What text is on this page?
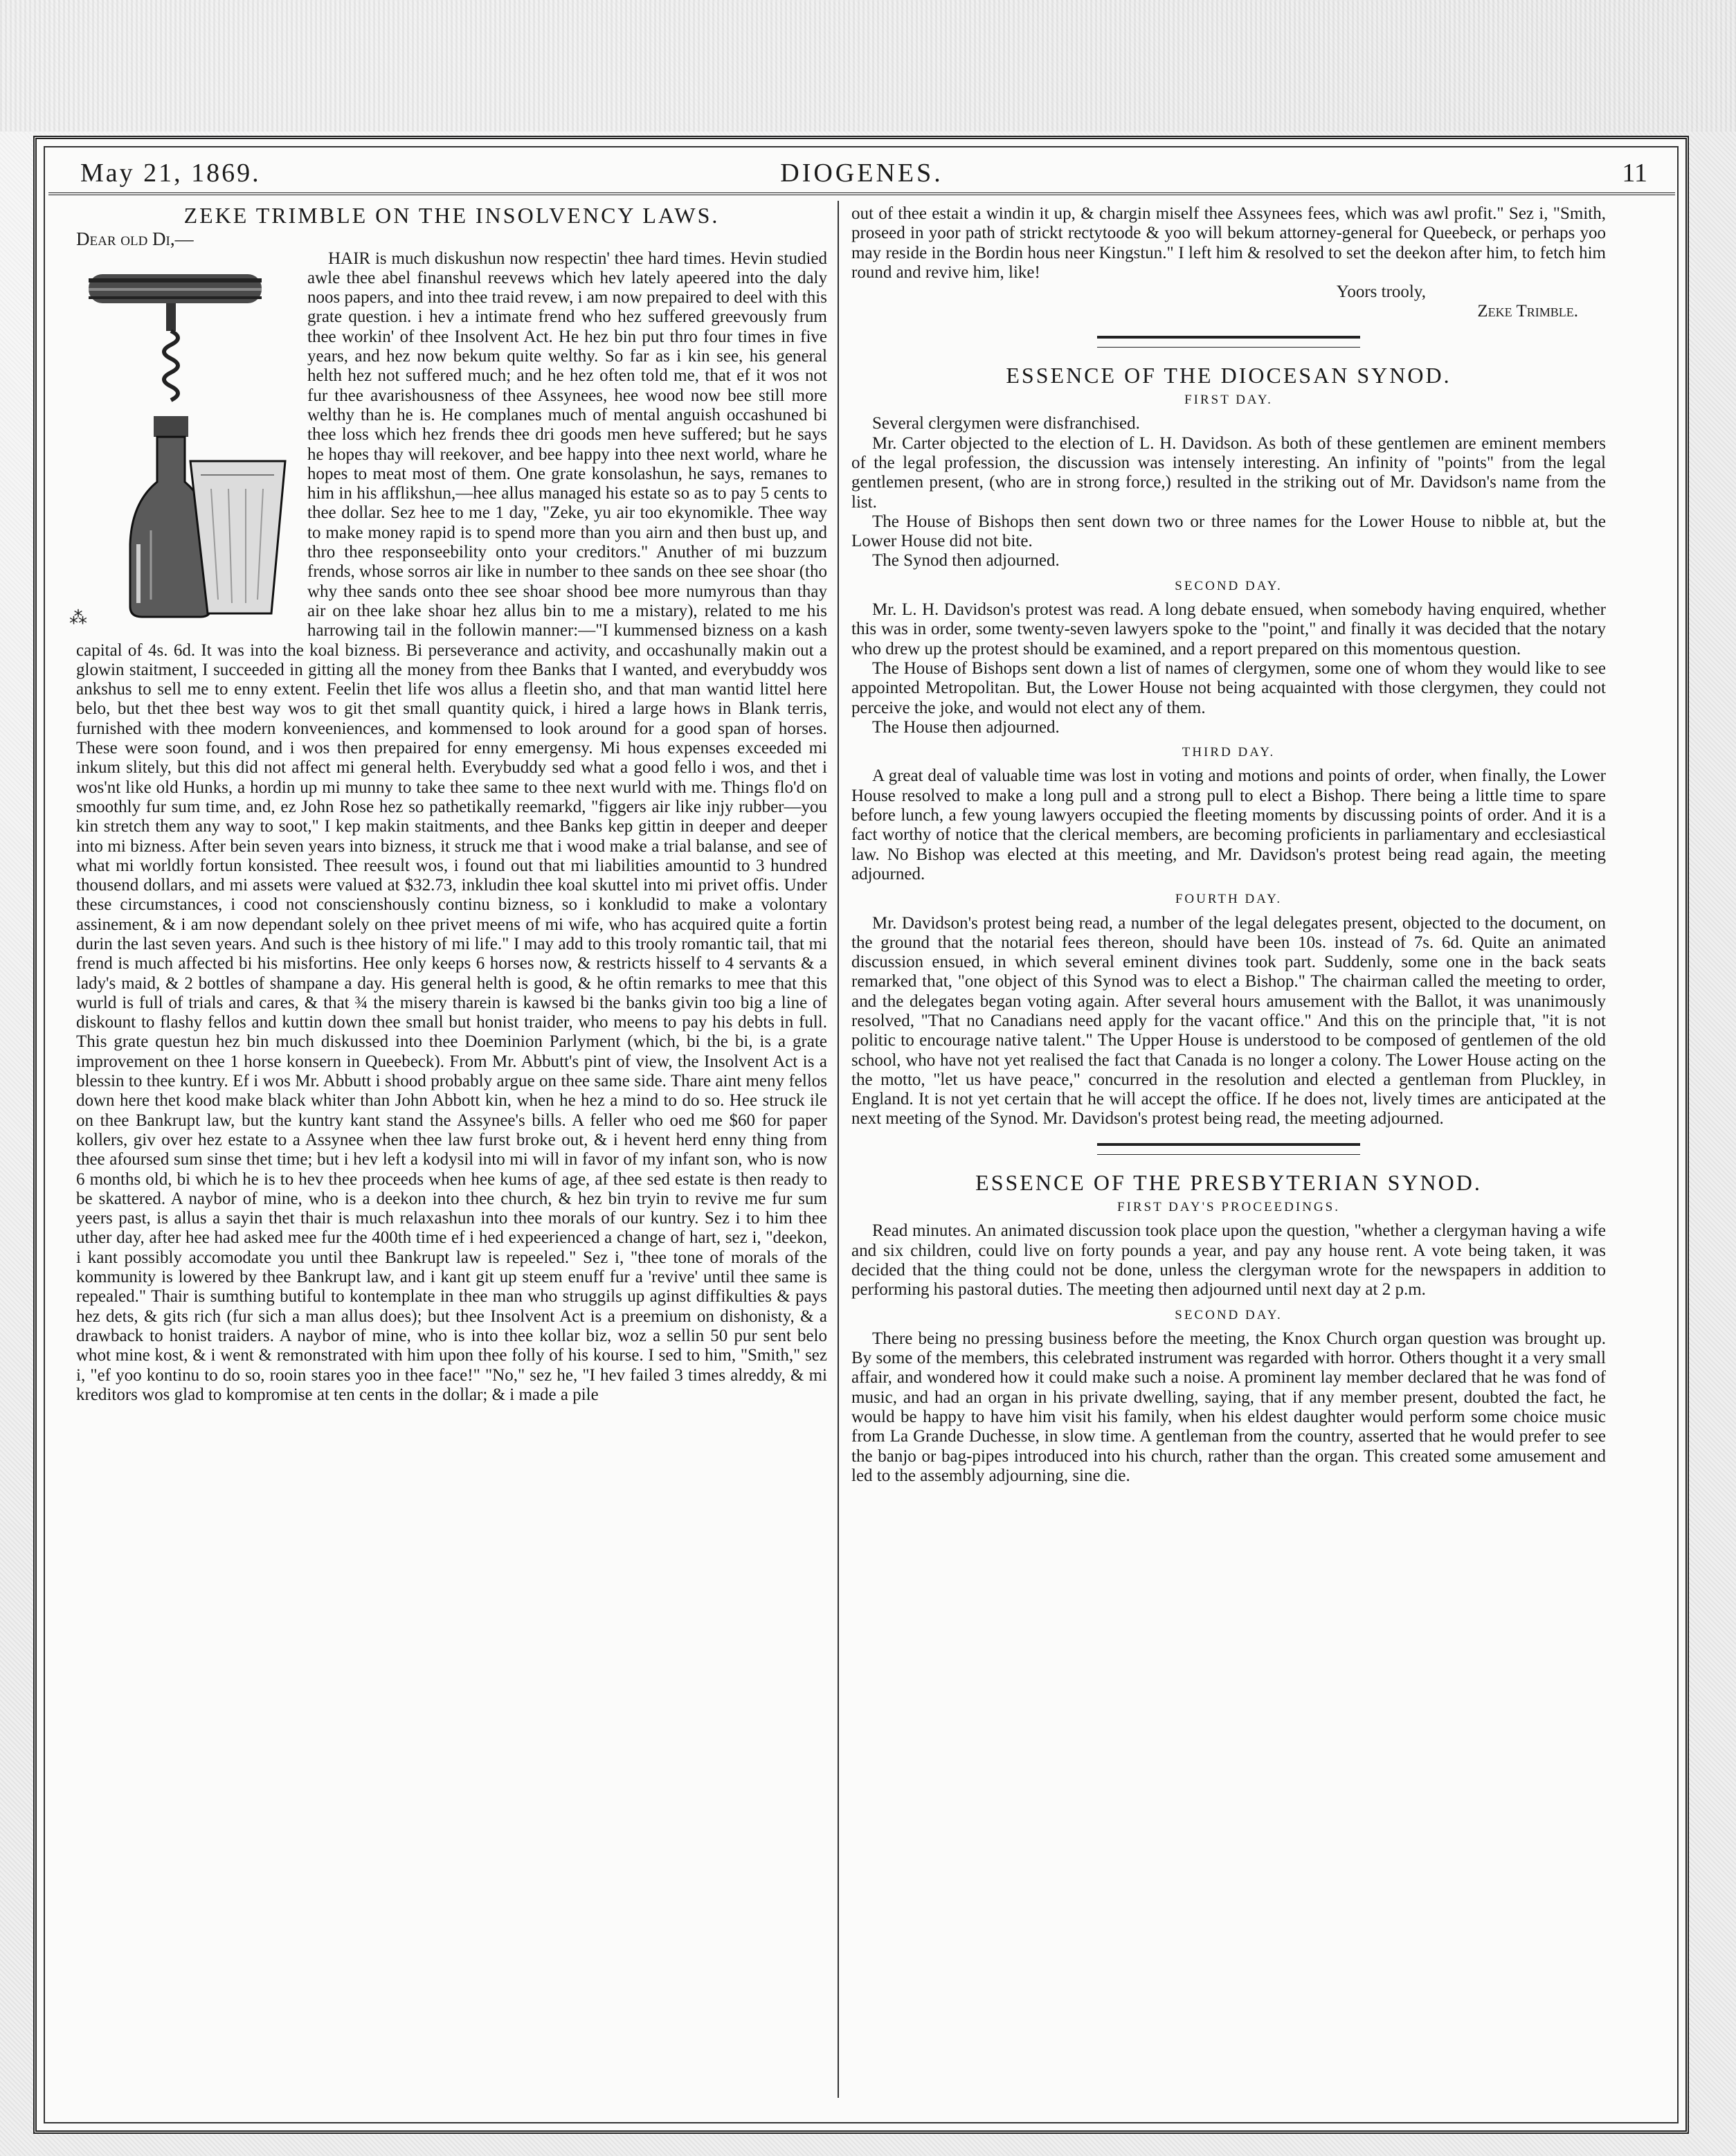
May 21, 1869.	DIOGENES.	11
ZEKE TRIMBLE ON THE INSOLVENCY LAWS.

Dear old Di,—

⁂

HAIR is much diskushun now respectin' thee hard times. Hevin studied awle thee abel finanshul reevews which hev lately apeered into the daly noos papers, and into thee traid revew, i am now prepaired to deel with this grate question. i hev a intimate frend who hez suffered greevously frum thee workin' of thee Insolvent Act. He hez bin put thro four times in five years, and hez now bekum quite welthy. So far as i kin see, his general helth hez not suffered much; and he hez often told me, that ef it wos not fur thee avarishousness of thee Assynees, hee wood now bee still more welthy than he is. He complanes much of mental anguish occashuned bi thee loss which hez frends thee dri goods men heve suffered; but he says he hopes thay will reekover, and bee happy into thee next world, whare he hopes to meat most of them. One grate konsolashun, he says, remanes to him in his afflikshun,—hee allus managed his estate so as to pay 5 cents to thee dollar. Sez hee to me 1 day, "Zeke, yu air too ekynomikle. Thee way to make money rapid is to spend more than you airn and then bust up, and thro thee responseebility onto your creditors." Anuther of mi buzzum frends, whose sorros air like in number to thee sands on thee see shoar (tho why thee sands onto thee see shoar shood bee more numyrous than thay air on thee lake shoar hez allus bin to me a mistary), related to me his harrowing tail in the followin manner:—"I kummensed bizness on a kash capital of 4s. 6d. It was into the koal bizness. Bi perseverance and activity, and occashunally makin out a glowin staitment, I succeeded in gitting all the money from thee Banks that I wanted, and everybuddy wos ankshus to sell me to enny extent. Feelin thet life wos allus a fleetin sho, and that man wantid littel here belo, but thet thee best way wos to git thet small quantity quick, i hired a large hows in Blank terris, furnished with thee modern konveeniences, and kommensed to look around for a good span of horses. These were soon found, and i wos then prepaired for enny emergensy. Mi hous expenses exceeded mi inkum slitely, but this did not affect mi general helth. Everybuddy sed what a good fello i wos, and thet i wos'nt like old Hunks, a hordin up mi munny to take thee same to thee next wurld with me. Things flo'd on smoothly fur sum time, and, ez John Rose hez so pathetikally reemarkd, "figgers air like injy rubber—you kin stretch them any way to soot," I kep makin staitments, and thee Banks kep gittin in deeper and deeper into mi bizness. After bein seven years into bizness, it struck me that i wood make a trial balanse, and see of what mi worldly fortun konsisted. Thee reesult wos, i found out that mi liabilities amountid to 3 hundred thousend dollars, and mi assets were valued at $32.73, inkludin thee koal skuttel into mi privet offis. Under these circumstances, i cood not conscienshously continu bizness, so i konkludid to make a volontary assinement, & i am now dependant solely on thee privet meens of mi wife, who has acquired quite a fortin durin the last seven years. And such is thee history of mi life." I may add to this trooly romantic tail, that mi frend is much affected bi his misfortins. Hee only keeps 6 horses now, & restricts hisself to 4 servants & a lady's maid, & 2 bottles of shampane a day. His general helth is good, & he oftin remarks to mee that this wurld is full of trials and cares, & that ¾ the misery tharein is kawsed bi the banks givin too big a line of diskount to flashy fellos and kuttin down thee small but honist traider, who meens to pay his debts in full. This grate questun hez bin much diskussed into thee Doeminion Parlyment (which, bi the bi, is a grate improvement on thee 1 horse konsern in Queebeck). From Mr. Abbutt's pint of view, the Insolvent Act is a blessin to thee kuntry. Ef i wos Mr. Abbutt i shood probably argue on thee same side. Thare aint meny fellos down here thet kood make black whiter than John Abbott kin, when he hez a mind to do so. Hee struck ile on thee Bankrupt law, but the kuntry kant stand the Assynee's bills. A feller who oed me $60 for paper kollers, giv over hez estate to a Assynee when thee law furst broke out, & i hevent herd enny thing from thee afoursed sum sinse thet time; but i hev left a kodysil into mi will in favor of my infant son, who is now 6 months old, bi which he is to hev thee proceeds when hee kums of age, af thee sed estate is then ready to be skattered. A naybor of mine, who is a deekon into thee church, & hez bin tryin to revive me fur sum yeers past, is allus a sayin thet thair is much relaxashun into thee morals of our kuntry. Sez i to him thee uther day, after hee had asked mee fur the 400th time ef i hed expeerienced a change of hart, sez i, "deekon, i kant possibly accomodate you until thee Bankrupt law is repeeled." Sez i, "thee tone of morals of the kommunity is lowered by thee Bankrupt law, and i kant git up steem enuff fur a 'revive' until thee same is repealed." Thair is sumthing butiful to kontemplate in thee man who struggils up aginst diffikulties & pays hez dets, & gits rich (fur sich a man allus does); but thee Insolvent Act is a preemium on dishonisty, & a drawback to honist traiders. A naybor of mine, who is into thee kollar biz, woz a sellin 50 pur sent belo whot mine kost, & i went & remonstrated with him upon thee folly of his kourse. I sed to him, "Smith," sez i, "ef yoo kontinu to do so, rooin stares yoo in thee face!" "No," sez he, "I hev failed 3 times alreddy, & mi kreditors wos glad to kompromise at ten cents in the dollar; & i made a pile

out of thee estait a windin it up, & chargin miself thee Assynees fees, which was awl profit." Sez i, "Smith, proseed in yoor path of strickt rectytoode & yoo will bekum attorney-general for Queebeck, or perhaps yoo may reside in the Bordin hous neer Kingstun." I left him & resolved to set the deekon after him, to fetch him round and revive him, like!

Yoors trooly,

Zeke Trimble.

ESSENCE OF THE DIOCESAN SYNOD.
FIRST DAY.

Several clergymen were disfranchised.

Mr. Carter objected to the election of L. H. Davidson. As both of these gentlemen are eminent members of the legal profession, the discussion was intensely interesting. An infinity of "points" from the legal gentlemen present, (who are in strong force,) resulted in the striking out of Mr. Davidson's name from the list.

The House of Bishops then sent down two or three names for the Lower House to nibble at, but the Lower House did not bite.

The Synod then adjourned.

SECOND DAY.

Mr. L. H. Davidson's protest was read. A long debate ensued, when somebody having enquired, whether this was in order, some twenty-seven lawyers spoke to the "point," and finally it was decided that the notary who drew up the protest should be examined, and a report prepared on this momentous question.

The House of Bishops sent down a list of names of clergymen, some one of whom they would like to see appointed Metropolitan. But, the Lower House not being acquainted with those clergymen, they could not perceive the joke, and would not elect any of them.

The House then adjourned.

THIRD DAY.

A great deal of valuable time was lost in voting and motions and points of order, when finally, the Lower House resolved to make a long pull and a strong pull to elect a Bishop. There being a little time to spare before lunch, a few young lawyers occupied the fleeting moments by discussing points of order. And it is a fact worthy of notice that the clerical members, are becoming proficients in parliamentary and ecclesiastical law. No Bishop was elected at this meeting, and Mr. Davidson's protest being read again, the meeting adjourned.

FOURTH DAY.

Mr. Davidson's protest being read, a number of the legal delegates present, objected to the document, on the ground that the notarial fees thereon, should have been 10s. instead of 7s. 6d. Quite an animated discussion ensued, in which several eminent divines took part. Suddenly, some one in the back seats remarked that, "one object of this Synod was to elect a Bishop." The chairman called the meeting to order, and the delegates began voting again. After several hours amusement with the Ballot, it was unanimously resolved, "That no Canadians need apply for the vacant office." And this on the principle that, "it is not politic to encourage native talent." The Upper House is understood to be composed of gentlemen of the old school, who have not yet realised the fact that Canada is no longer a colony. The Lower House acting on the the motto, "let us have peace," concurred in the resolution and elected a gentleman from Pluckley, in England. It is not yet certain that he will accept the office. If he does not, lively times are anticipated at the next meeting of the Synod. Mr. Davidson's protest being read, the meeting adjourned.

ESSENCE OF THE PRESBYTERIAN SYNOD.
FIRST DAY'S PROCEEDINGS.

Read minutes. An animated discussion took place upon the question, "whether a clergyman having a wife and six children, could live on forty pounds a year, and pay any house rent. A vote being taken, it was decided that the thing could not be done, unless the clergyman wrote for the newspapers in addition to performing his pastoral duties. The meeting then adjourned until next day at 2 p.m.

SECOND DAY.

There being no pressing business before the meeting, the Knox Church organ question was brought up. By some of the members, this celebrated instrument was regarded with horror. Others thought it a very small affair, and wondered how it could make such a noise. A prominent lay member declared that he was fond of music, and had an organ in his private dwelling, saying, that if any member present, doubted the fact, he would be happy to have him visit his family, when his eldest daughter would perform some choice music from La Grande Duchesse, in slow time. A gentleman from the country, asserted that he would prefer to see the banjo or bag-pipes introduced into his church, rather than the organ. This created some amusement and led to the assembly adjourning, sine die.
